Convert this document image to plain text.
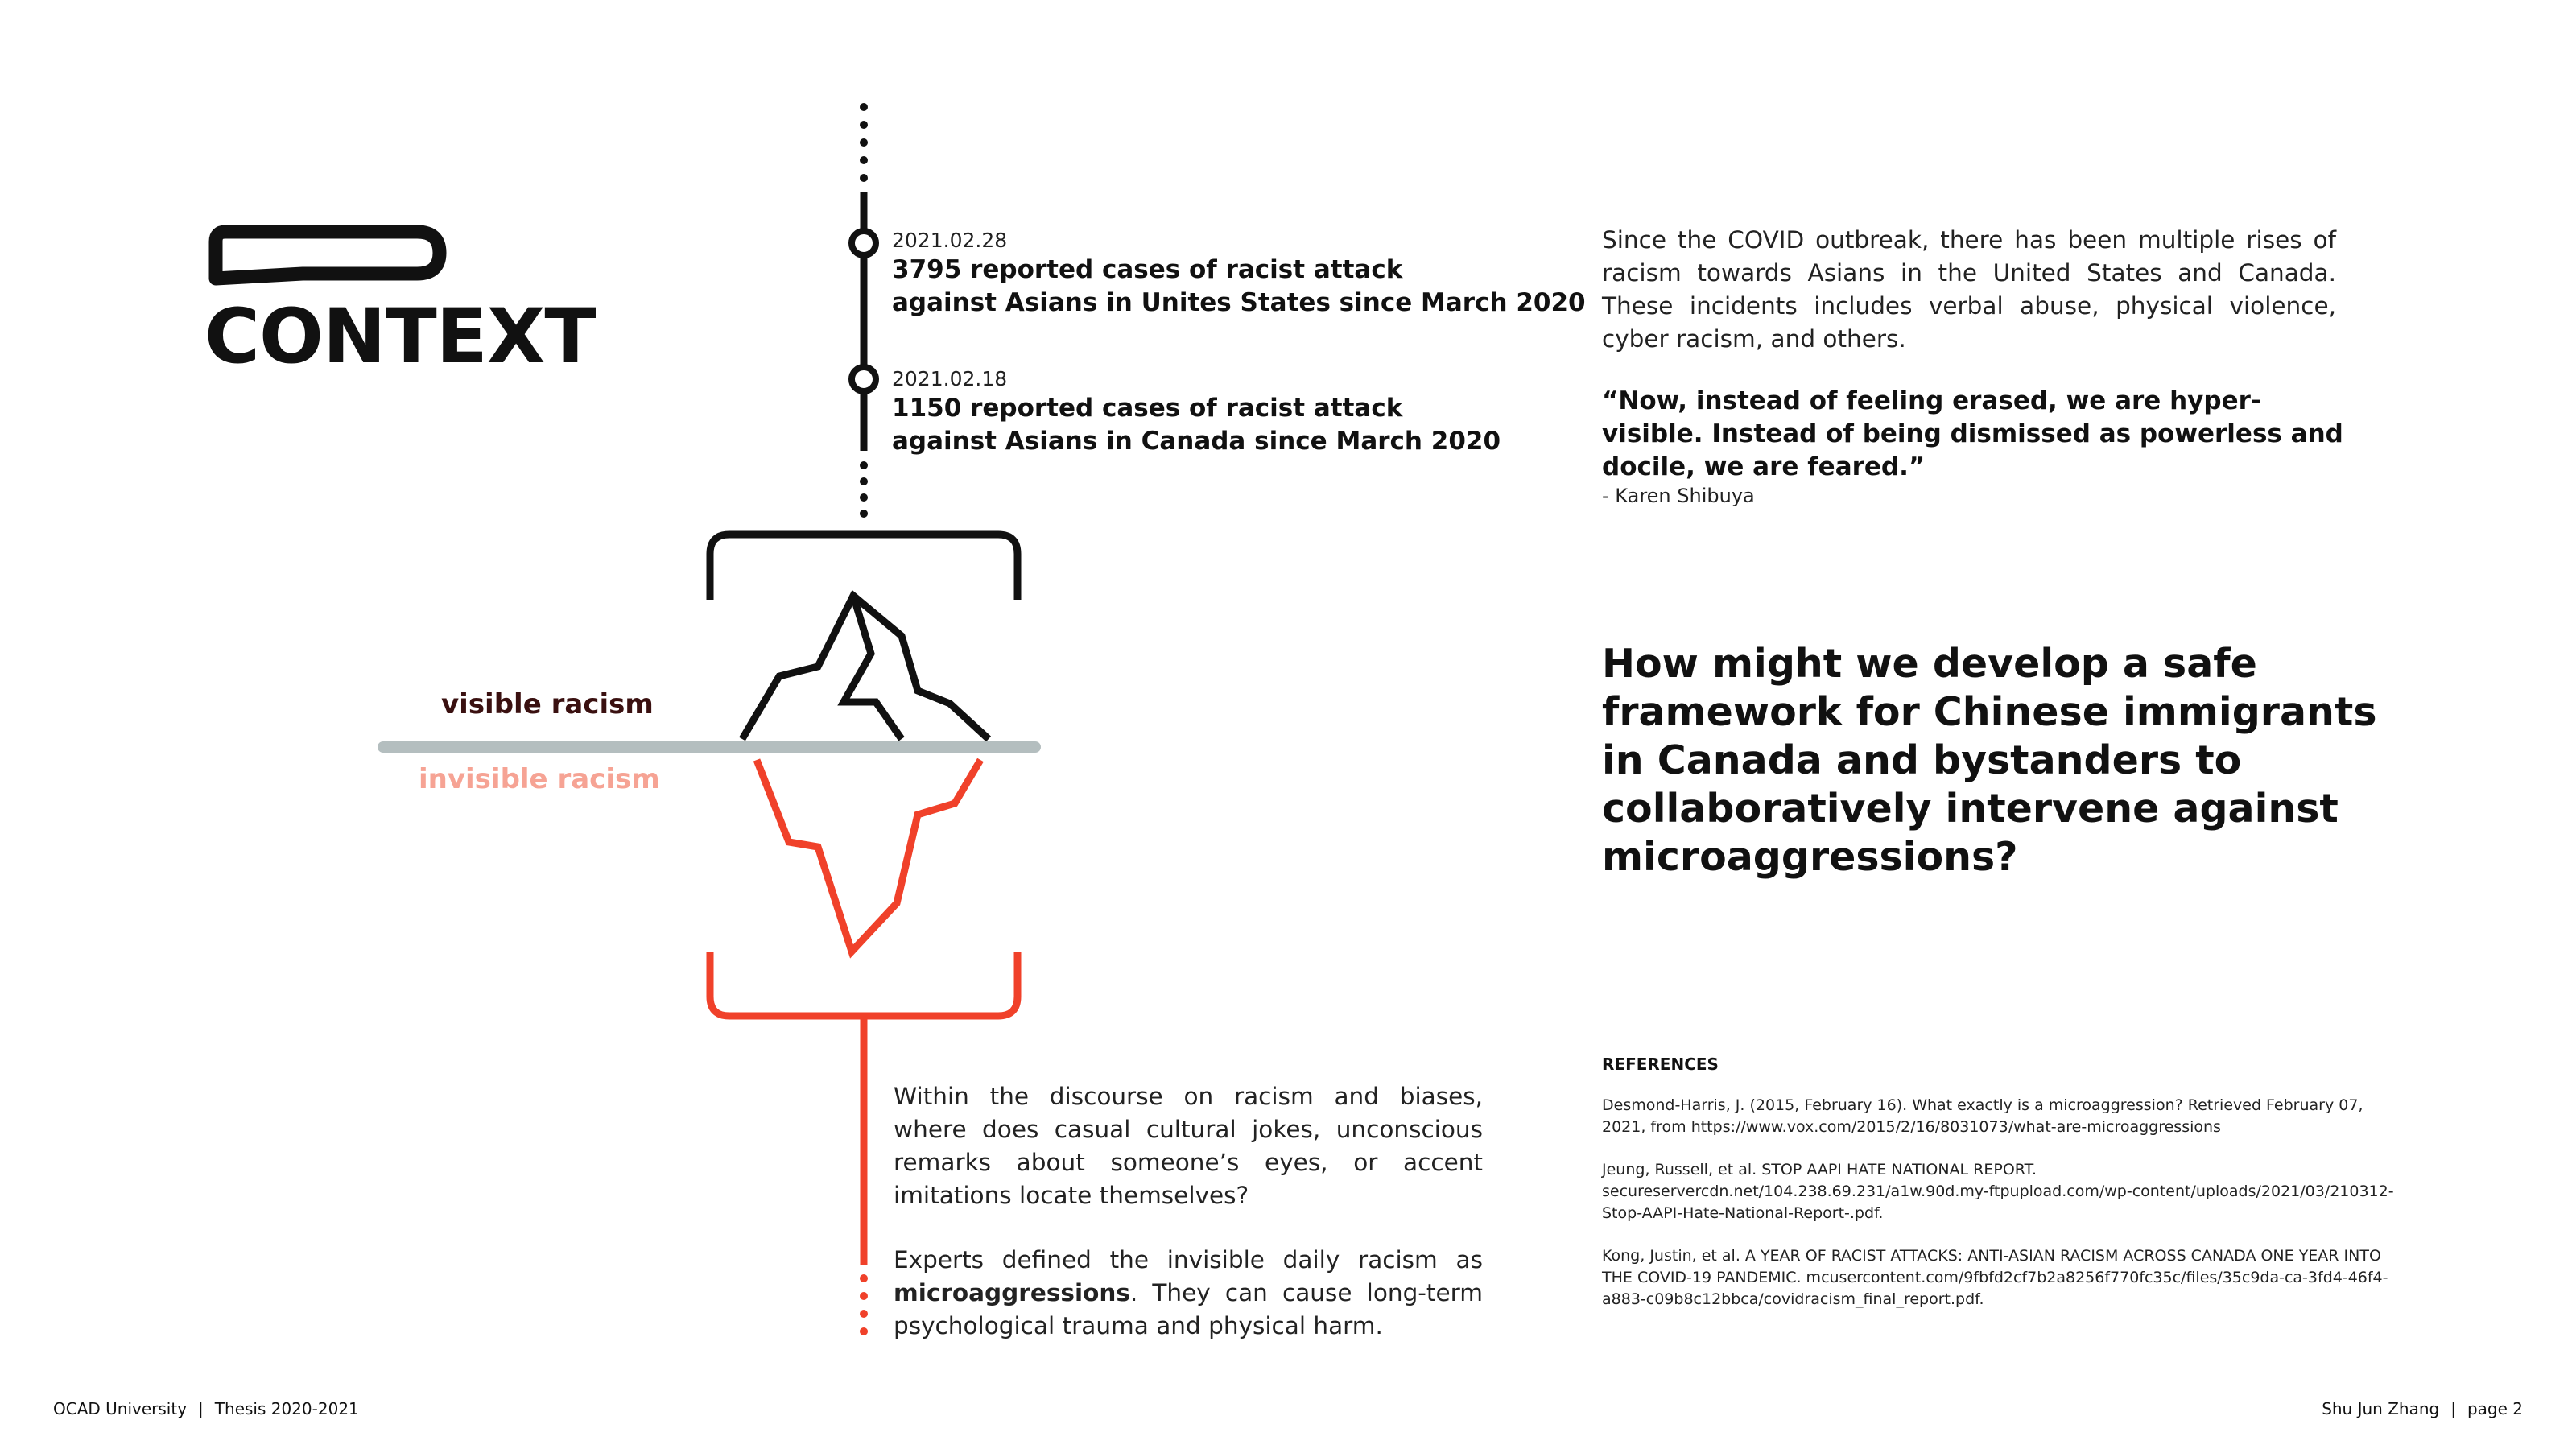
CONTEXT
2021.02.28
3795 reported cases of racist attack
against Asians in Unites States since March 2020
2021.02.18
1150 reported cases of racist attack
against Asians in Canada since March 2020
visible racism
invisible racism
Since the COVID outbreak, there has been multiple rises of racism towards Asians in the United States and Canada. These incidents includes verbal abuse, physical violence, cyber racism, and others.
“Now, instead of feeling erased, we are hyper-visible. Instead of being dismissed as powerless and docile, we are feared.”
- Karen Shibuya
How might we develop a safe framework for Chinese immigrants in Canada and bystanders to collaboratively intervene against microaggressions?

Within the discourse on racism and biases, where does casual cultural jokes, unconscious remarks about someone’s eyes, or accent imitations locate themselves?

Experts defined the invisible daily racism as microaggressions. They can cause long-term psychological trauma and physical harm.

REFERENCES

Desmond-Harris, J. (2015, February 16). What exactly is a microaggression? Retrieved February 07, 2021, from https://www.vox.com/2015/2/16/8031073/what-are-microaggressions

Jeung, Russell, et al. STOP AAPI HATE NATIONAL REPORT. secureservercdn.net/104.238.69.231/a1w.90d.my-ftpupload.com/wp-content/uploads/2021/03/210312-Stop-AAPI-Hate-National-Report-.pdf.

Kong, Justin, et al. A YEAR OF RACIST ATTACKS: ANTI-ASIAN RACISM ACROSS CANADA ONE YEAR INTO THE COVID-19 PANDEMIC. mcusercontent.com/9fbfd2cf7b2a8256f770fc35c/files/35c9da-ca-3fd4-46f4-a883-c09b8c12bbca/covidracism_final_report.pdf.

OCAD University | Thesis 2020-2021	Shu Jun Zhang | page 2
